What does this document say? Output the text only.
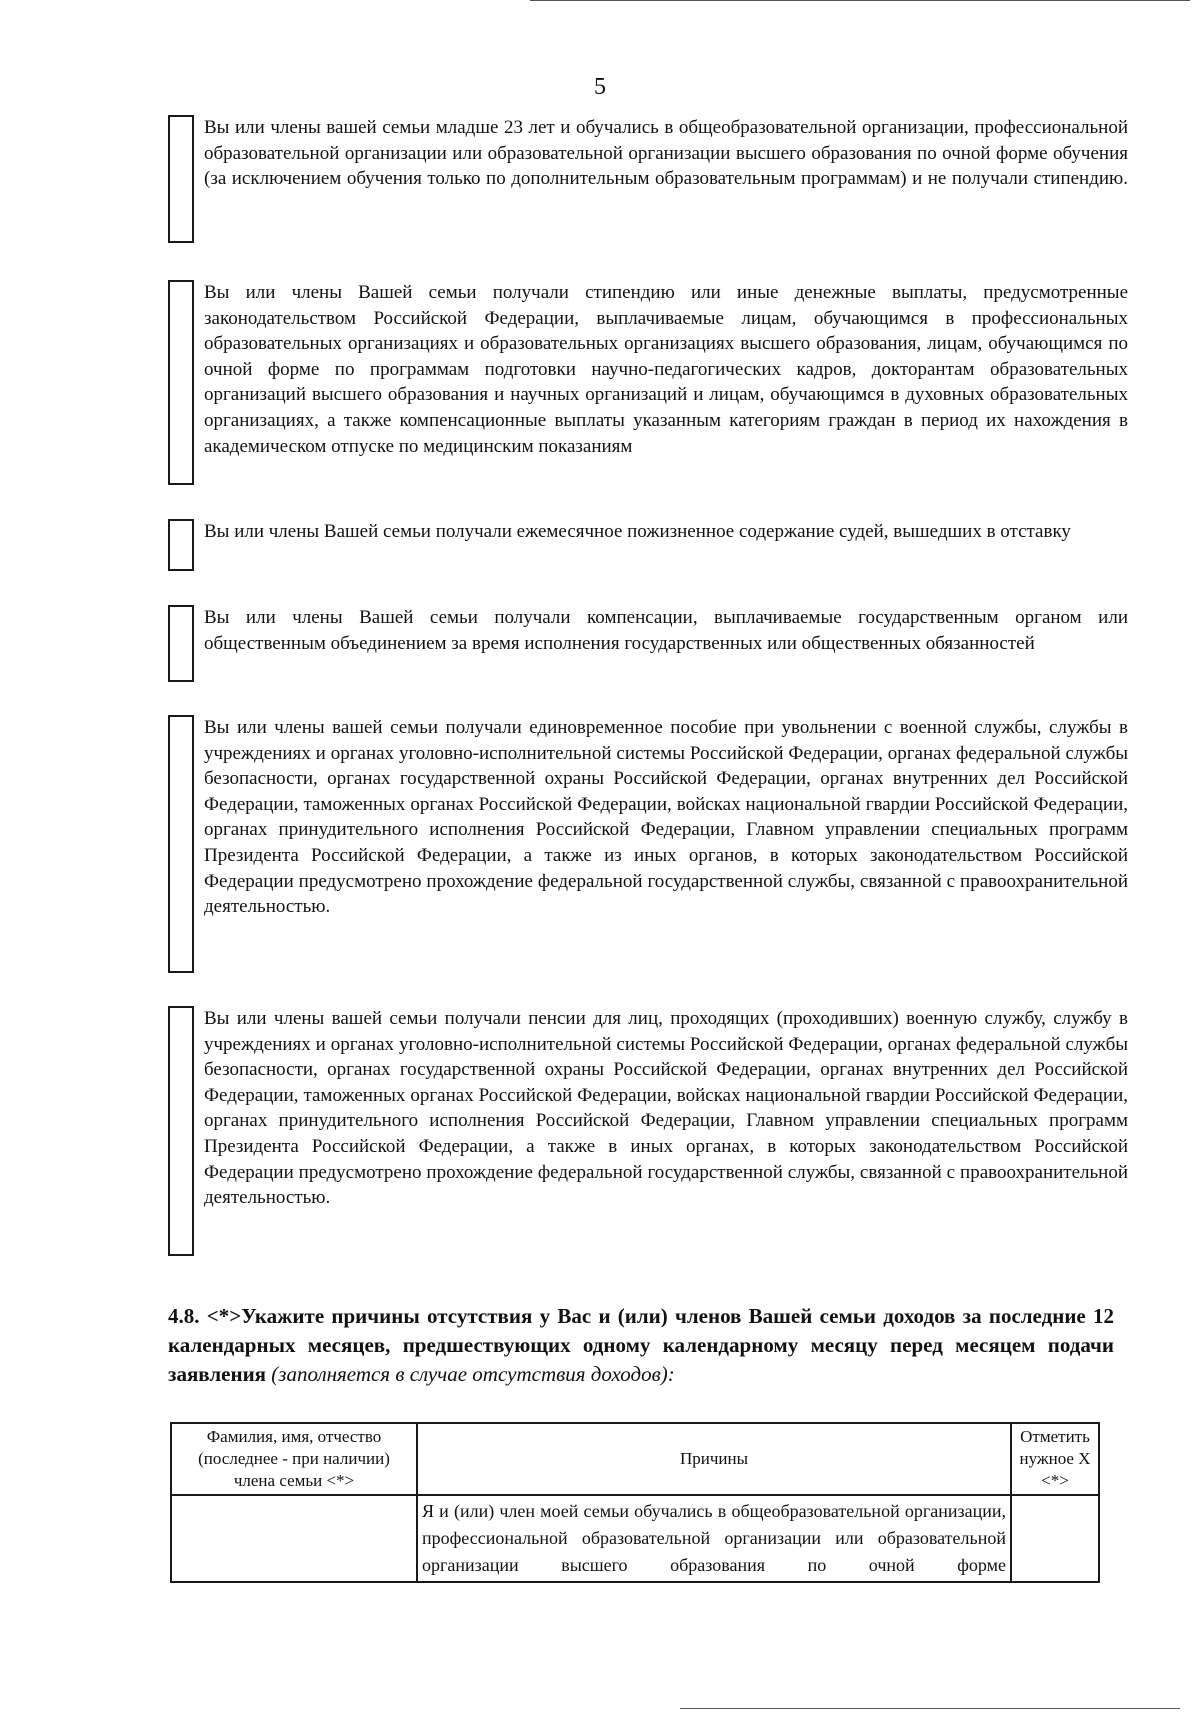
5
Вы или члены вашей семьи младше 23 лет и обучались в общеобразовательной организации, профессиональной образовательной организации или образовательной организации высшего образования по очной форме обучения (за исключением обучения только по дополнительным образовательным программам) и не получали стипендию.
Вы или члены Вашей семьи получали стипендию или иные денежные выплаты, предусмотренные законодательством Российской Федерации, выплачиваемые лицам, обучающимся в профессиональных образовательных организациях и образовательных организациях высшего образования, лицам, обучающимся по очной форме по программам подготовки научно-педагогических кадров, докторантам образовательных организаций высшего образования и научных организаций и лицам, обучающимся в духовных образовательных организациях, а также компенсационные выплаты указанным категориям граждан в период их нахождения в академическом отпуске по медицинским показаниям
Вы или члены Вашей семьи получали ежемесячное пожизненное содержание судей, вышедших в отставку
Вы или члены Вашей семьи получали компенсации, выплачиваемые государственным органом или общественным объединением за время исполнения государственных или общественных обязанностей
Вы или члены вашей семьи получали единовременное пособие при увольнении с военной службы, службы в учреждениях и органах уголовно-исполнительной системы Российской Федерации, органах федеральной службы безопасности, органах государственной охраны Российской Федерации, органах внутренних дел Российской Федерации, таможенных органах Российской Федерации, войсках национальной гвардии Российской Федерации, органах принудительного исполнения Российской Федерации, Главном управлении специальных программ Президента Российской Федерации, а также из иных органов, в которых законодательством Российской Федерации предусмотрено прохождение федеральной государственной службы, связанной с правоохранительной деятельностью.
Вы или члены вашей семьи получали пенсии для лиц, проходящих (проходивших) военную службу, службу в учреждениях и органах уголовно-исполнительной системы Российской Федерации, органах федеральной службы безопасности, органах государственной охраны Российской Федерации, органах внутренних дел Российской Федерации, таможенных органах Российской Федерации, войсках национальной гвардии Российской Федерации, органах принудительного исполнения Российской Федерации, Главном управлении специальных программ Президента Российской Федерации, а также в иных органах, в которых законодательством Российской Федерации предусмотрено прохождение федеральной государственной службы, связанной с правоохранительной деятельностью.
4.8. <*>Укажите причины отсутствия у Вас и (или) членов Вашей семьи доходов за последние 12 календарных месяцев, предшествующих одному календарному месяцу перед месяцем подачи заявления (заполняется в случае отсутствия доходов):
Фамилия, имя, отчество (последнее - при наличии) члена семьи <*>	Причины	Отметить нужное Х <*>
	Я и (или) член моей семьи обучались в общеобразовательной организации, профессиональной образовательной организации или образовательной организации высшего образования по очной форме	
